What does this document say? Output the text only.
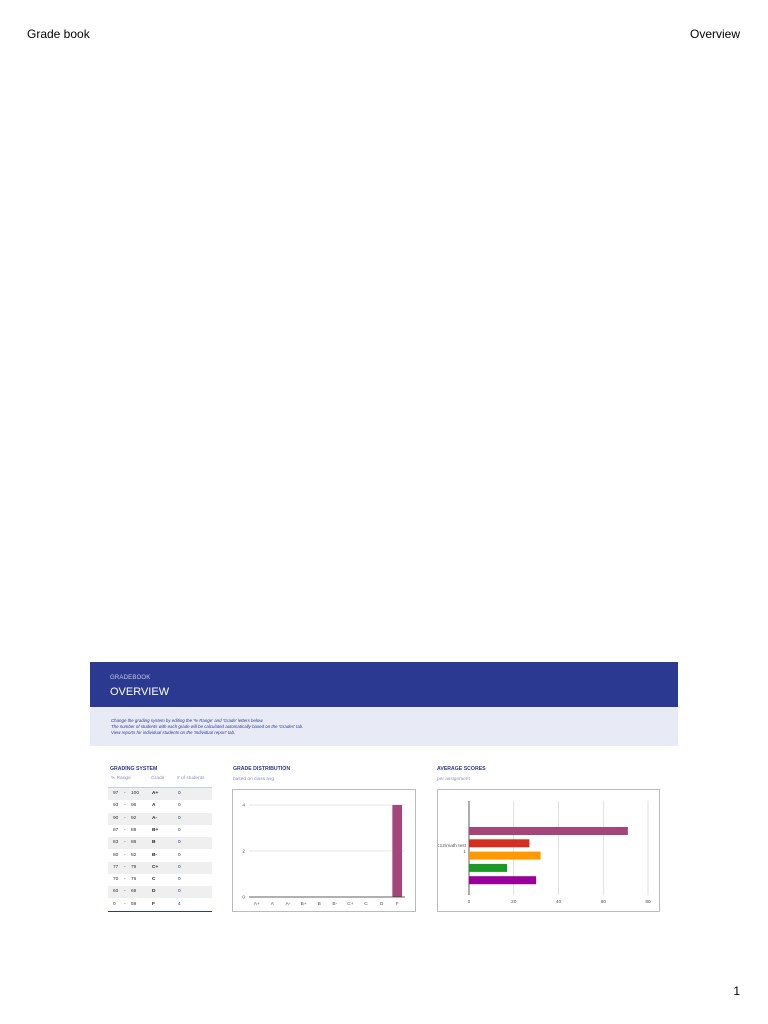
Grade book	Overview
GRADEBOOK
OVERVIEW
Change the grading system by editing the '% Range' and 'Grade' letters below.
The number of students with each grade will be calculated automatically based on the 'Grades' tab.
View reports for individual students on the 'Individual report' tab.
GRADING SYSTEM
% Range	Grade	# of students
97 - 100	A+	0
93 - 96	A	0
90 - 92	A-	0
87 - 89	B+	0
83 - 86	B	0
80 - 82	B-	0
77 - 79	C+	0
70 - 76	C	0
60 - 69	D	0
0 - 59	F	4
GRADE DISTRIBUTION
based on class avg.
0
2
4
A+ A A- B+ B B- C+ C	D	F
AVERAGE SCORES
per assignment
0	20	40	60	80
C12/math test
1
1
